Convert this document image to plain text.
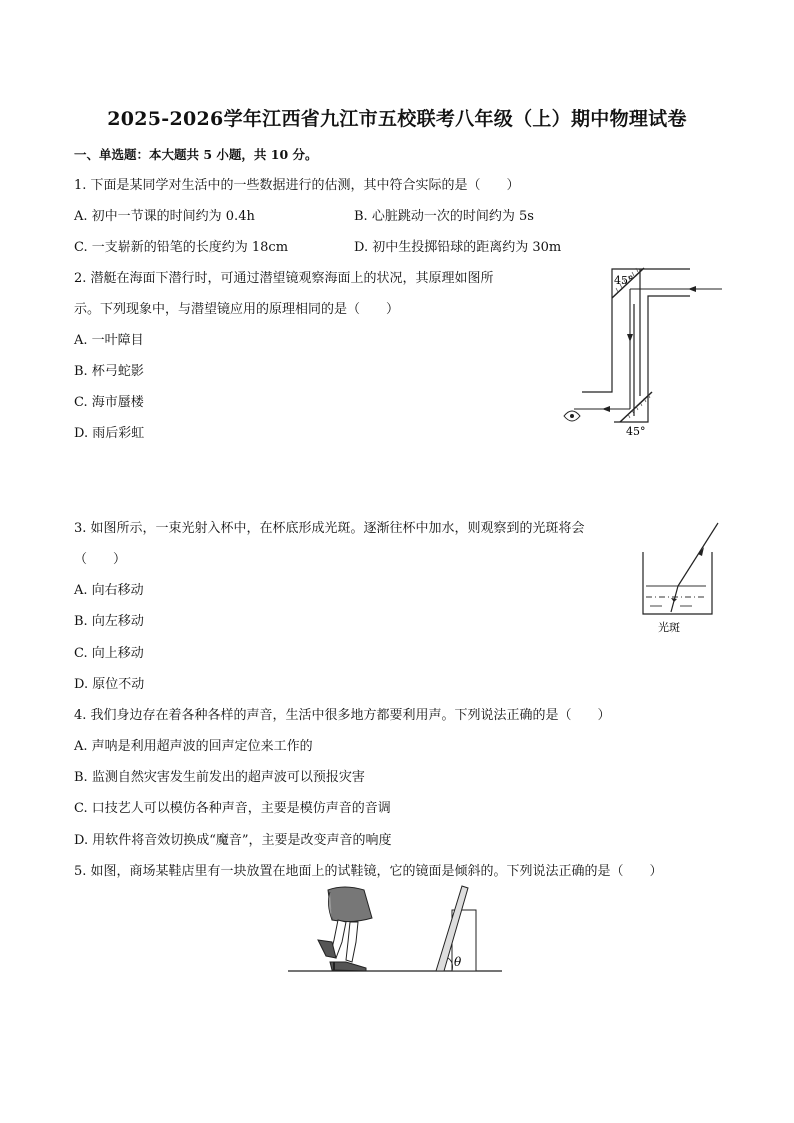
2025-2026学年江西省九江市五校联考八年级（上）期中物理试卷
一、单选题：本大题共 5 小题，共 10 分。
1. 下面是某同学对生活中的一些数据进行的估测，其中符合实际的是（　　）
A. 初中一节课的时间约为 0.4h	B. 心脏跳动一次的时间约为 5s
C. 一支崭新的铅笔的长度约为 18cm	D. 初中生投掷铅球的距离约为 30m
2. 潜艇在海面下潜行时，可通过潜望镜观察海面上的状况，其原理如图所
示。下列现象中，与潜望镜应用的原理相同的是（　　）
A. 一叶障目
B. 杯弓蛇影
C. 海市蜃楼
D. 雨后彩虹
45°
45°
3. 如图所示，一束光射入杯中，在杯底形成光斑。逐渐往杯中加水，则观察到的光斑将会
（　　）
A. 向右移动
B. 向左移动
C. 向上移动
D. 原位不动
光斑
4. 我们身边存在着各种各样的声音，生活中很多地方都要利用声。下列说法正确的是（　　）
A. 声呐是利用超声波的回声定位来工作的
B. 监测自然灾害发生前发出的超声波可以预报灾害
C. 口技艺人可以模仿各种声音，主要是模仿声音的音调
D. 用软件将音效切换成“魔音”，主要是改变声音的响度
5. 如图，商场某鞋店里有一块放置在地面上的试鞋镜，它的镜面是倾斜的。下列说法正确的是（　　）
θ
